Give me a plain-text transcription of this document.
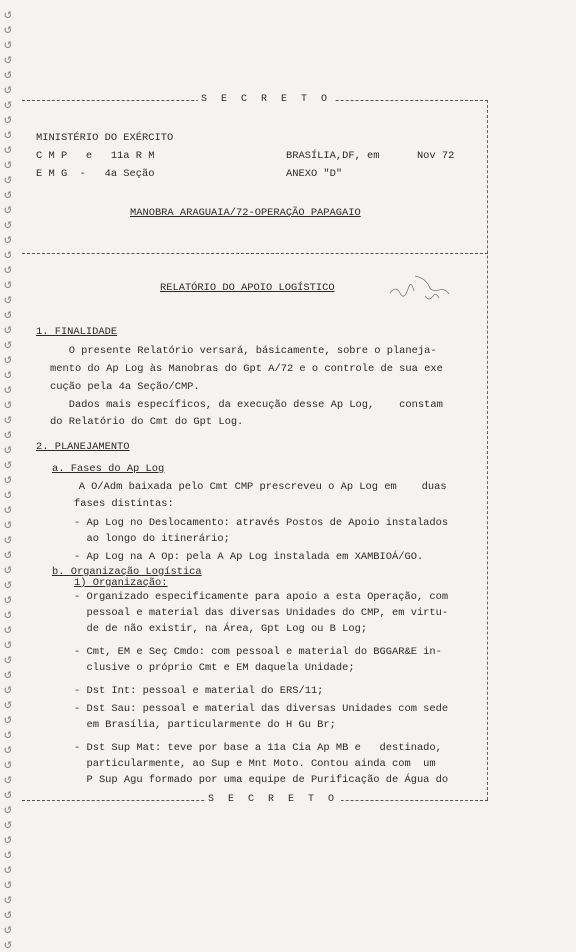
↺
↺
↺
↺
↺
↺
↺
↺
↺
↺
↺
↺
↺
↺
↺
↺
↺
↺
↺
↺
↺
↺
↺
↺
↺
↺
↺
↺
↺
↺
↺
↺
↺
↺
↺
↺
↺
↺
↺
↺
↺
↺
↺
↺
↺
↺
↺
↺
↺
↺
↺
↺
↺
↺
↺
↺
↺
↺
↺
↺
↺
↺
↺
S E C R E T O
S E C R E T O
MINISTÉRIO DO EXÉRCITO
C M P   e   11a R M
E M G  -   4a Seção
BRASÍLIA,DF, em      Nov 72
ANEXO "D"
MANOBRA ARAGUAIA/72-OPERAÇÃO PAPAGAIO
RELATÓRIO DO APOIO LOGÍSTICO
1. FINALIDADE
O presente Relatório versará, básicamente, sobre o planeja-
mento do Ap Log às Manobras do Gpt A/72 e o controle de sua exe
cução pela 4a Seção/CMP.
Dados mais específicos, da execução desse Ap Log,    constam
do Relatório do Cmt do Gpt Log.
2. PLANEJAMENTO
a. Fases do Ap Log
A O/Adm baixada pelo Cmt CMP prescreveu o Ap Log em    duas
fases distintas:
- Ap Log no Deslocamento: através Postos de Apoio instalados
ao longo do itinerário;
- Ap Log na A Op: pela A Ap Log instalada em XAMBIOÁ/GO.
b. Organização Logística
1) Organização:
- Organizado especificamente para apoio a esta Operação, com
pessoal e material das diversas Unidades do CMP, em virtu-
de de não existir, na Área, Gpt Log ou B Log;
- Cmt, EM e Seç Cmdo: com pessoal e material do BGGAR&E in-
clusive o próprio Cmt e EM daquela Unidade;
- Dst Int: pessoal e material do ERS/11;
- Dst Sau: pessoal e material das diversas Unidades com sede
em Brasília, particularmente do H Gu Br;
- Dst Sup Mat: teve por base a 11a Cia Ap MB e   destinado,
particularmente, ao Sup e Mnt Moto. Contou ainda com  um
P Sup Agu formado por uma equipe de Purificação de Água do
